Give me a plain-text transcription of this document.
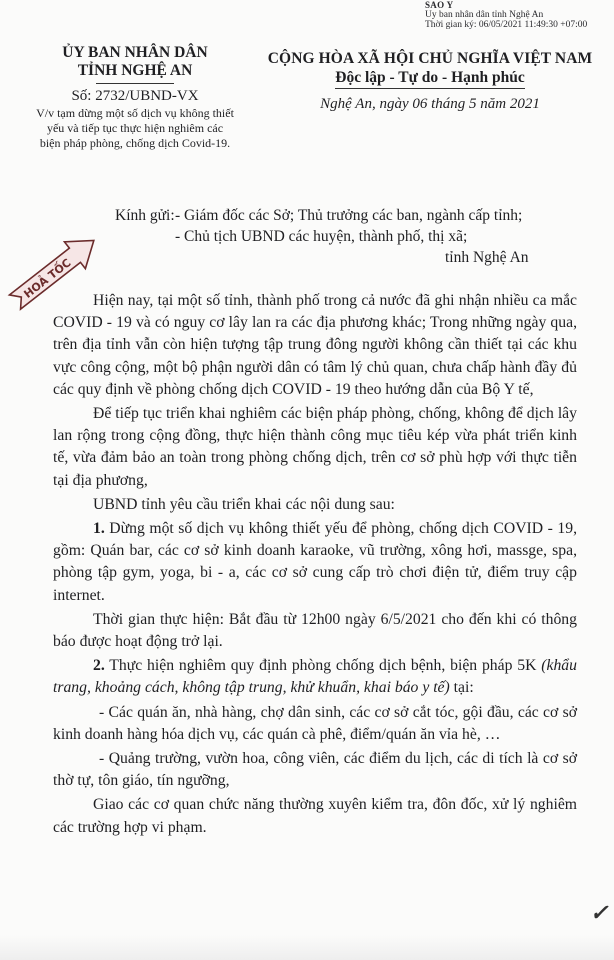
SAO Y
Uy ban nhân dân tỉnh Nghệ An
Thời gian ký: 06/05/2021 11:49:30 +07:00
ỦY BAN NHÂN DÂN
TỈNH NGHỆ AN
Số: 2732/UBND-VX
V/v tạm dừng một số dịch vụ không thiết
yếu và tiếp tục thực hiện nghiêm các
biện pháp phòng, chống dịch Covid-19.
CỘNG HÒA XÃ HỘI CHỦ NGHĨA VIỆT NAM
Độc lập - Tự do - Hạnh phúc
Nghệ An, ngày 06 tháng 5 năm 2021
HOẢ TỐC
Kính gửi: - Giám đốc các Sở; Thủ trưởng các ban, ngành cấp tỉnh;
- Chủ tịch UBND các huyện, thành phố, thị xã;
tỉnh Nghệ An

Hiện nay, tại một số tỉnh, thành phố trong cả nước đã ghi nhận nhiều ca mắc COVID - 19 và có nguy cơ lây lan ra các địa phương khác; Trong những ngày qua, trên địa tỉnh vẫn còn hiện tượng tập trung đông người không cần thiết tại các khu vực công cộng, một bộ phận người dân có tâm lý chủ quan, chưa chấp hành đầy đủ các quy định về phòng chống dịch COVID - 19 theo hướng dẫn của Bộ Y tế,

Để tiếp tục triển khai nghiêm các biện pháp phòng, chống, không để dịch lây lan rộng trong cộng đồng, thực hiện thành công mục tiêu kép vừa phát triển kinh tế, vừa đảm bảo an toàn trong phòng chống dịch, trên cơ sở phù hợp với thực tiễn tại địa phương,

UBND tỉnh yêu cầu triển khai các nội dung sau:

1. Dừng một số dịch vụ không thiết yếu để phòng, chống dịch COVID - 19, gồm: Quán bar, các cơ sở kinh doanh karaoke, vũ trường, xông hơi, massge, spa, phòng tập gym, yoga, bi - a, các cơ sở cung cấp trò chơi điện tử, điểm truy cập internet.

Thời gian thực hiện: Bắt đầu từ 12h00 ngày 6/5/2021 cho đến khi có thông báo được hoạt động trở lại.

2. Thực hiện nghiêm quy định phòng chống dịch bệnh, biện pháp 5K (khẩu trang, khoảng cách, không tập trung, khử khuẩn, khai báo y tế) tại:

- Các quán ăn, nhà hàng, chợ dân sinh, các cơ sở cắt tóc, gội đầu, các cơ sở kinh doanh hàng hóa dịch vụ, các quán cà phê, điểm/quán ăn vỉa hè, …

- Quảng trường, vườn hoa, công viên, các điểm du lịch, các di tích là cơ sở thờ tự, tôn giáo, tín ngưỡng,

Giao các cơ quan chức năng thường xuyên kiểm tra, đôn đốc, xử lý nghiêm các trường hợp vi phạm.

✓
